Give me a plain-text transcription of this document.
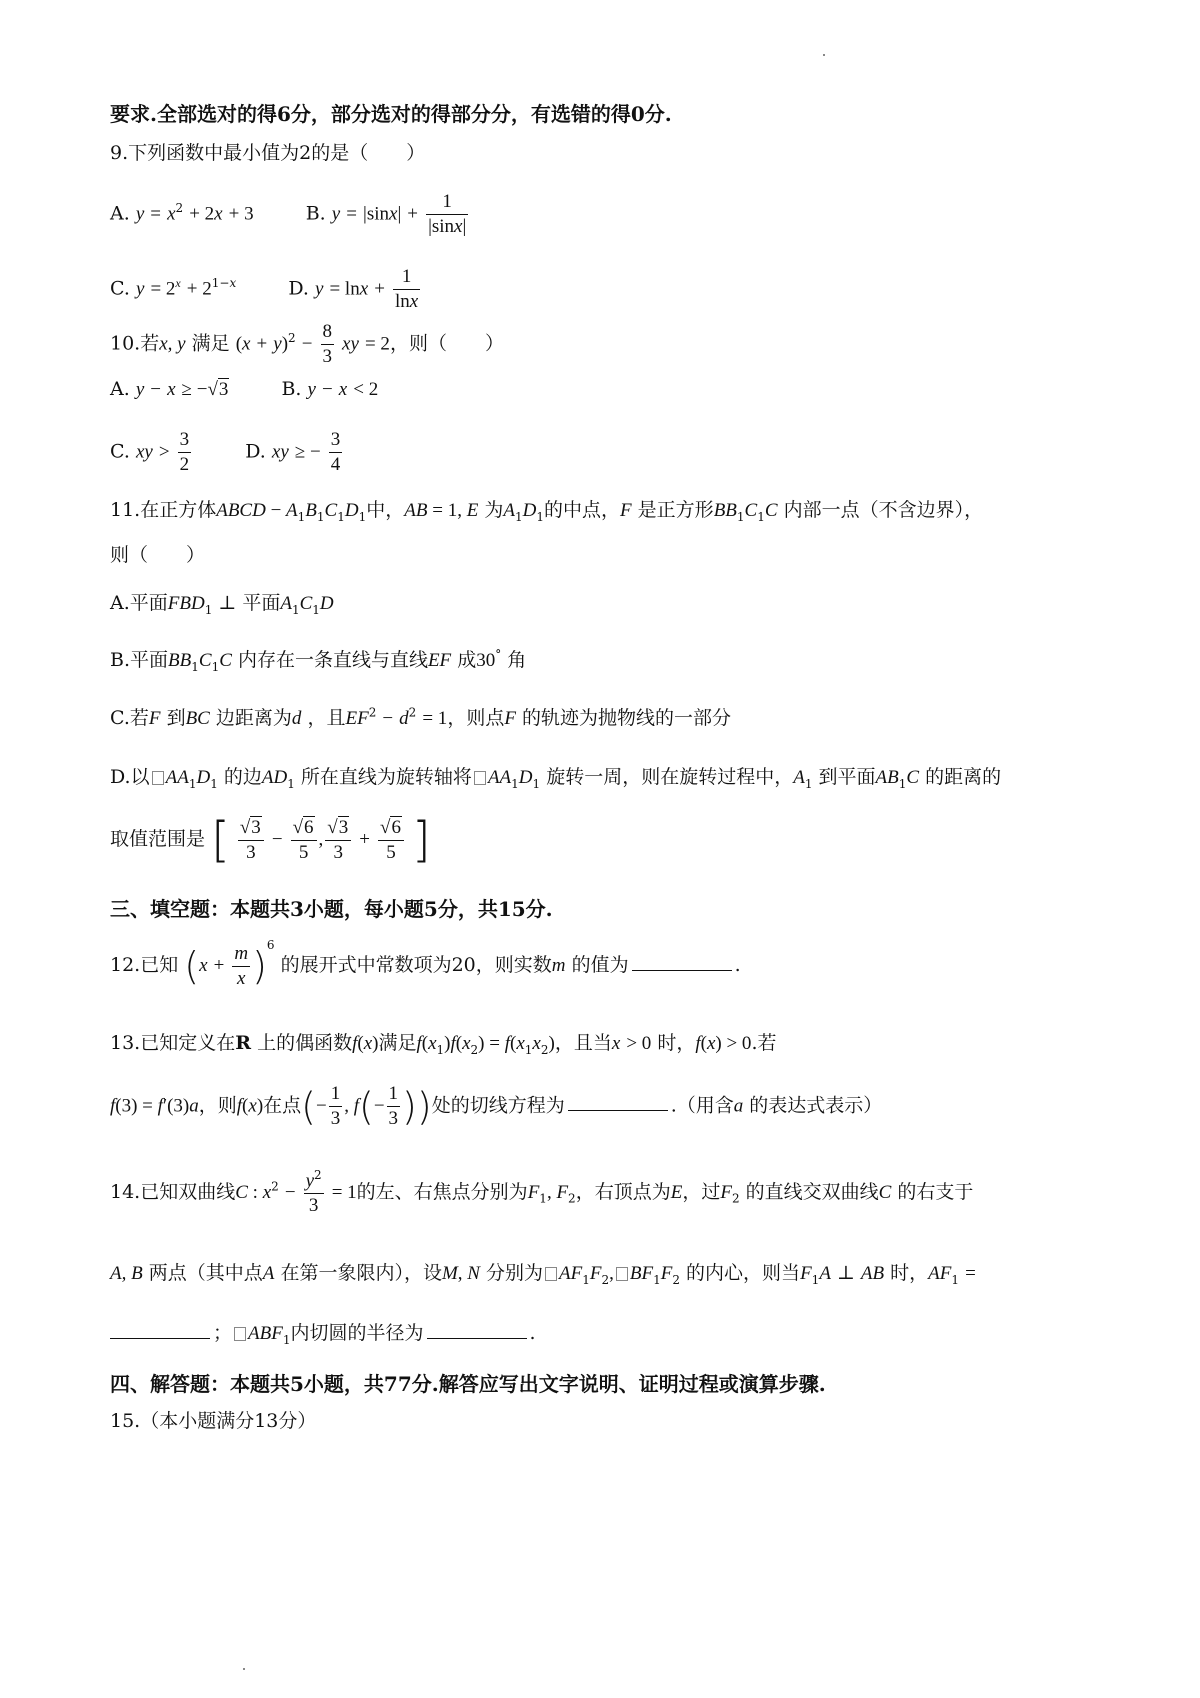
要求.全部选对的得6分，部分选对的得部分分，有选错的得0分.
9.下列函数中最小值为2的是（　　）
A. $y = x^2 + 2x + 3$	B. $y = |\sin x| + \frac{1}{|\sin x|}$
C. $y = 2^x + 2^{1-x}$	D. $y = \ln x + \frac{1}{\ln x}$
10.若x, y 满足 $(x + y)^2 - \frac{8}{3}$ xy = 2，则（　　）
A. y − x ≥ −√3	B. y − x < 2
C. xy > $\frac{3}{2}$	D. xy ≥ − $\frac{3}{4}$
11.在正方体ABCD − $A_1B_1C_1D_1$中，AB = 1, E 为$A_1D_1$的中点，F 是正方形$BB_1C_1C$ 内部一点（不含边界），
则（　　）
A.平面$FBD_1$ ⊥ 平面$A_1C_1D$
B.平面$BB_1C_1C$ 内存在一条直线与直线EF 成30° 角
C.若F 到BC 边距离为d ，且$EF^2 - d^2 = 1$，则点F 的轨迹为抛物线的一部分
D.以 $AA_1D_1$ 的边$AD_1$ 所在直线为旋转轴将 $AA_1D_1$ 旋转一周，则在旋转过程中，$A_1$ 到平面$AB_1C$ 的距离的
取值范围是 [ $\frac{√3}{3} - \frac{√6}{5}$ , $\frac{√3}{3} + \frac{√6}{5}$ ]
三、填空题：本题共3小题，每小题5分，共15分.
12.已知 $(x + \frac{m}{x} )^6$ 的展开式中常数项为20，则实数m 的值为	.
13.已知定义在R 上的偶函数f(x)满足$f(x_1)f(x_2) = f(x_1x_2)$，且当x > 0 时，f(x) > 0.若
f(3) = f′(3)a，则f(x)在点(− $\frac{1}{3}$ , $f(- \frac{1}{3}$ ))处的切线方程为	.（用含a 的表达式表示）
14.已知双曲线C : $x^2 - \frac{y^2}{3} = 1$的左、右焦点分别为$F_1$, $F_2$，右顶点为E，过$F_2$ 的直线交双曲线C 的右支于
A, B 两点（其中点A 在第一象限内），设M, N 分别为 $AF_1F_2$, $BF_1F_2$ 的内心，则当$F_1A$ ⊥ AB 时，$AF_1$ =
； $ABF_1$内切圆的半径为	.
四、解答题：本题共5小题，共77分.解答应写出文字说明、证明过程或演算步骤.
15.（本小题满分13分）
